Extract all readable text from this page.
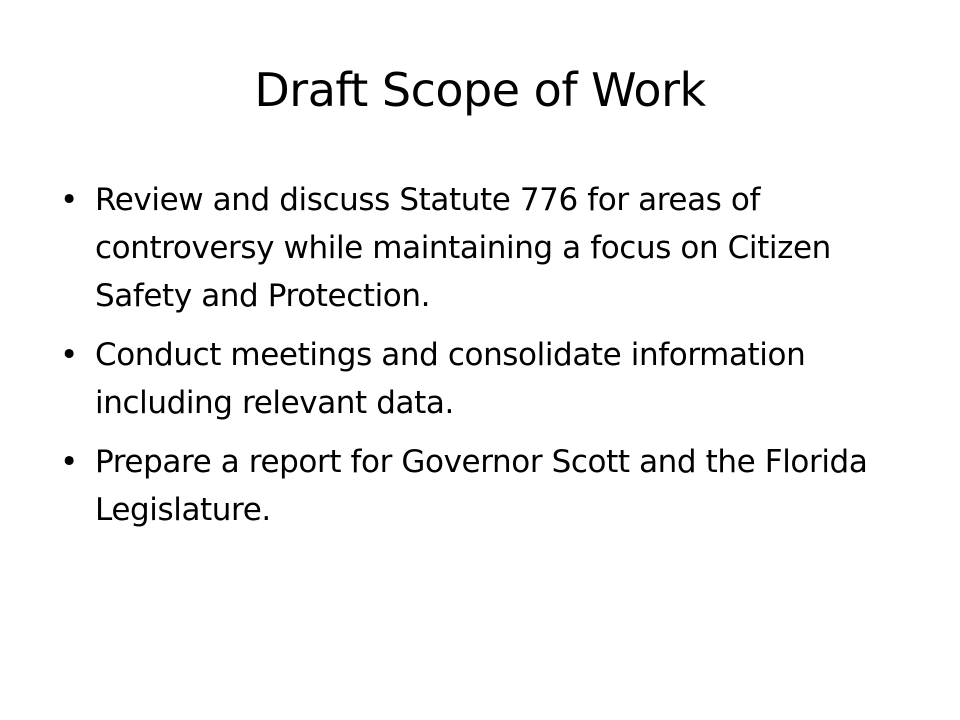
Draft Scope of Work
• Review and discuss Statute 776 for areas of controversy while maintaining a focus on Citizen Safety and Protection.
• Conduct meetings and consolidate information including relevant data.
• Prepare a report for Governor Scott and the Florida Legislature.
